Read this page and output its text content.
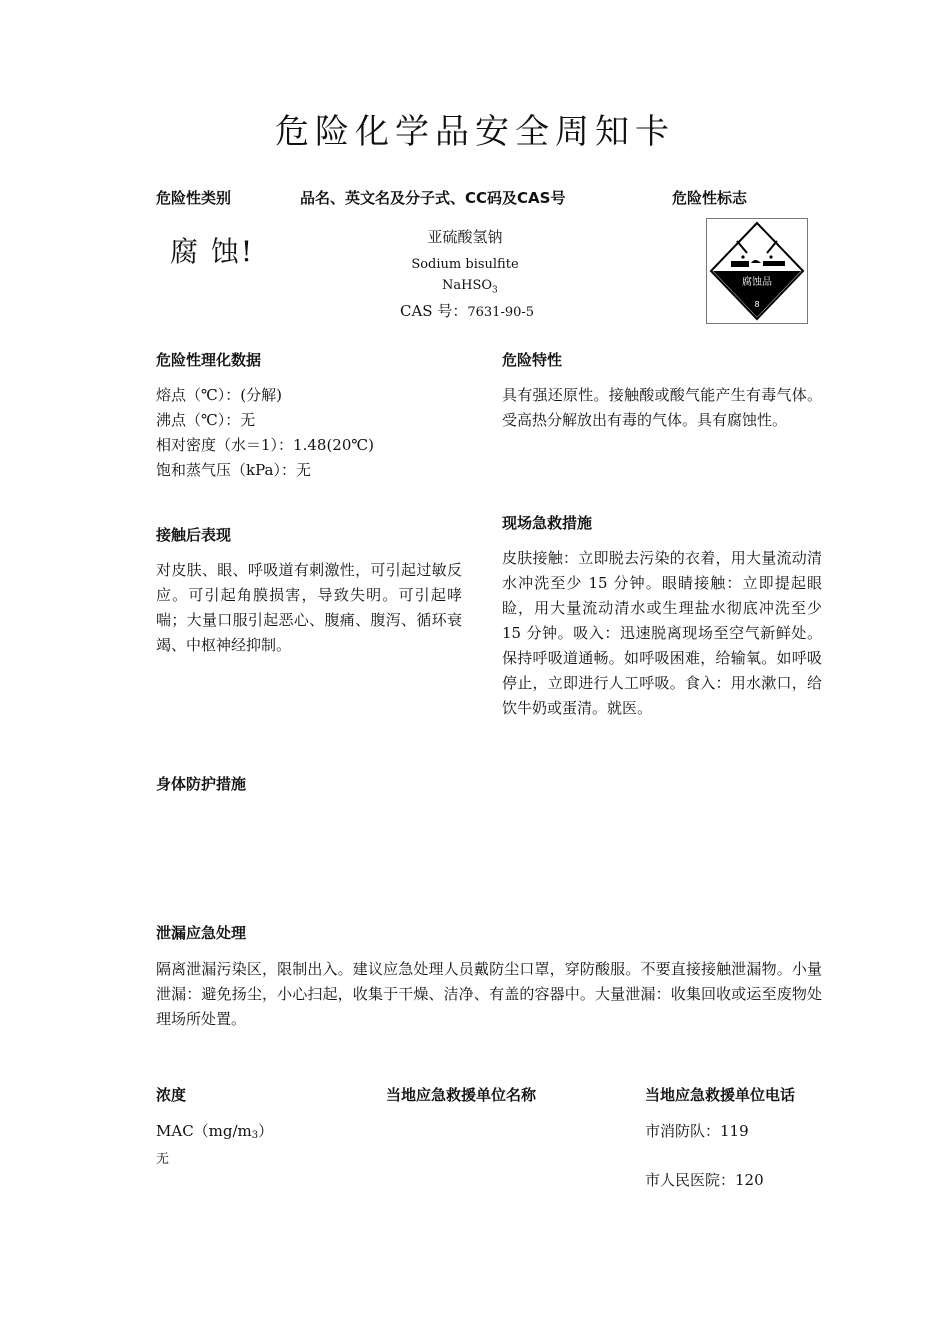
危险化学品安全周知卡
危险性类别	品名、英文名及分子式、CC码及CAS号	危险性标志
腐 蚀!	亚硫酸氢钠
Sodium bisulfite
NaHSO$_3$
CAS 号：7631-90-5
腐蚀品
8
危险性理化数据
熔点（℃）：(分解)
沸点（℃）：无
相对密度（水＝1）：1.48(20℃)
饱和蒸气压（kPa）：无
危险特性
具有强还原性。接触酸或酸气能产生有毒气体。受高热分解放出有毒的气体。具有腐蚀性。
接触后表现
对皮肤、眼、呼吸道有刺激性，可引起过敏反应。可引起角膜损害，导致失明。可引起哮喘；大量口服引起恶心、腹痛、腹泻、循环衰竭、中枢神经抑制。
现场急救措施
皮肤接触：立即脱去污染的衣着，用大量流动清水冲洗至少 15 分钟。眼睛接触：立即提起眼睑，用大量流动清水或生理盐水彻底冲洗至少 15 分钟。吸入：迅速脱离现场至空气新鲜处。保持呼吸道通畅。如呼吸困难，给输氧。如呼吸停止，立即进行人工呼吸。食入：用水漱口，给饮牛奶或蛋清。就医。
身体防护措施
泄漏应急处理
隔离泄漏污染区，限制出入。建议应急处理人员戴防尘口罩，穿防酸服。不要直接接触泄漏物。小量泄漏：避免扬尘，小心扫起，收集于干燥、洁净、有盖的容器中。大量泄漏：收集回收或运至废物处理场所处置。
浓度	当地应急救援单位名称	当地应急救援单位电话
$MAC(mg/m_3)$
无
市消防队：119
市人民医院：120
